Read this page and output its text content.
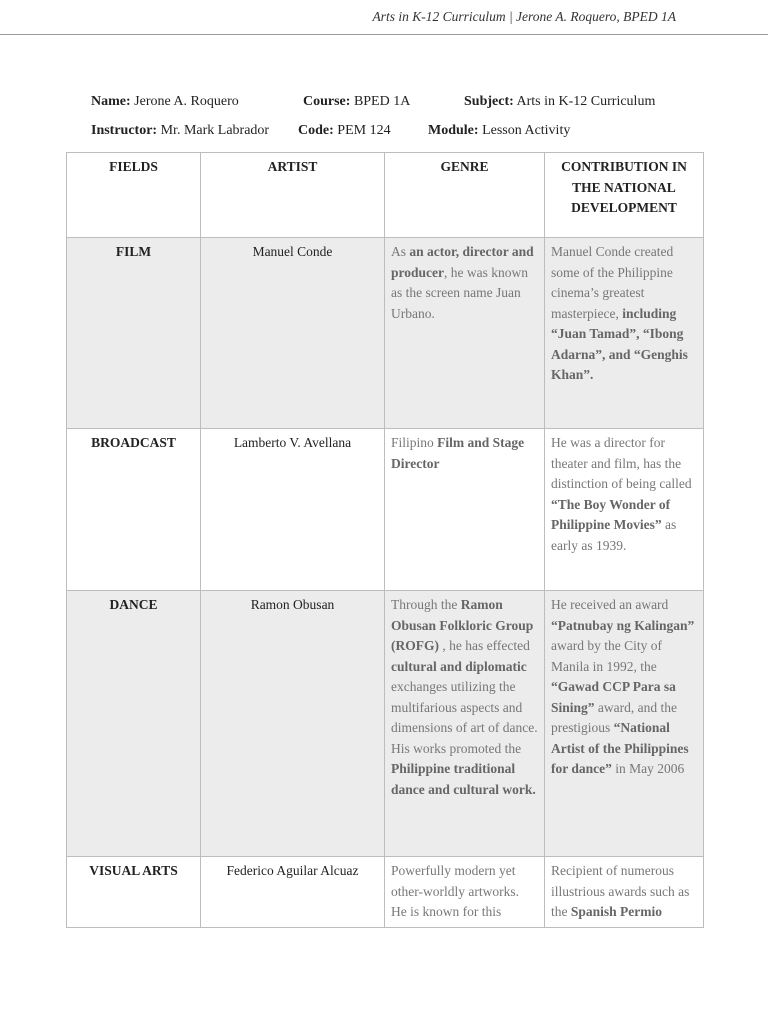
Arts in K-12 Curriculum | Jerone A. Roquero, BPED 1A
Name: Jerone A. Roquero	Course: BPED 1A	Subject: Arts in K-12 Curriculum
Instructor: Mr. Mark Labrador Code: PEM 124	Module: Lesson Activity
FIELDS	ARTIST	GENRE	CONTRIBUTION IN THE NATIONAL DEVELOPMENT
FILM	Manuel Conde	As an actor, director and producer, he was known as the screen name Juan Urbano.	Manuel Conde created some of the Philippine cinema’s greatest masterpiece, including “Juan Tamad”, “Ibong Adarna”, and “Genghis Khan”.
BROADCAST	Lamberto V. Avellana	Filipino Film and Stage Director	He was a director for theater and film, has the distinction of being called “The Boy Wonder of Philippine Movies” as early as 1939.
DANCE	Ramon Obusan	Through the Ramon Obusan Folkloric Group (ROFG) , he has effected cultural and diplomatic exchanges utilizing the multifarious aspects and dimensions of art of dance. His works promoted the Philippine traditional dance and cultural work.	He received an award “Patnubay ng Kalingan” award by the City of Manila in 1992, the “Gawad CCP Para sa Sining” award, and the prestigious “National Artist of the Philippines for dance” in May 2006
VISUAL ARTS	Federico Aguilar Alcuaz	Powerfully modern yet other-worldly artworks. He is known for this	Recipient of numerous illustrious awards such as the Spanish Permio
